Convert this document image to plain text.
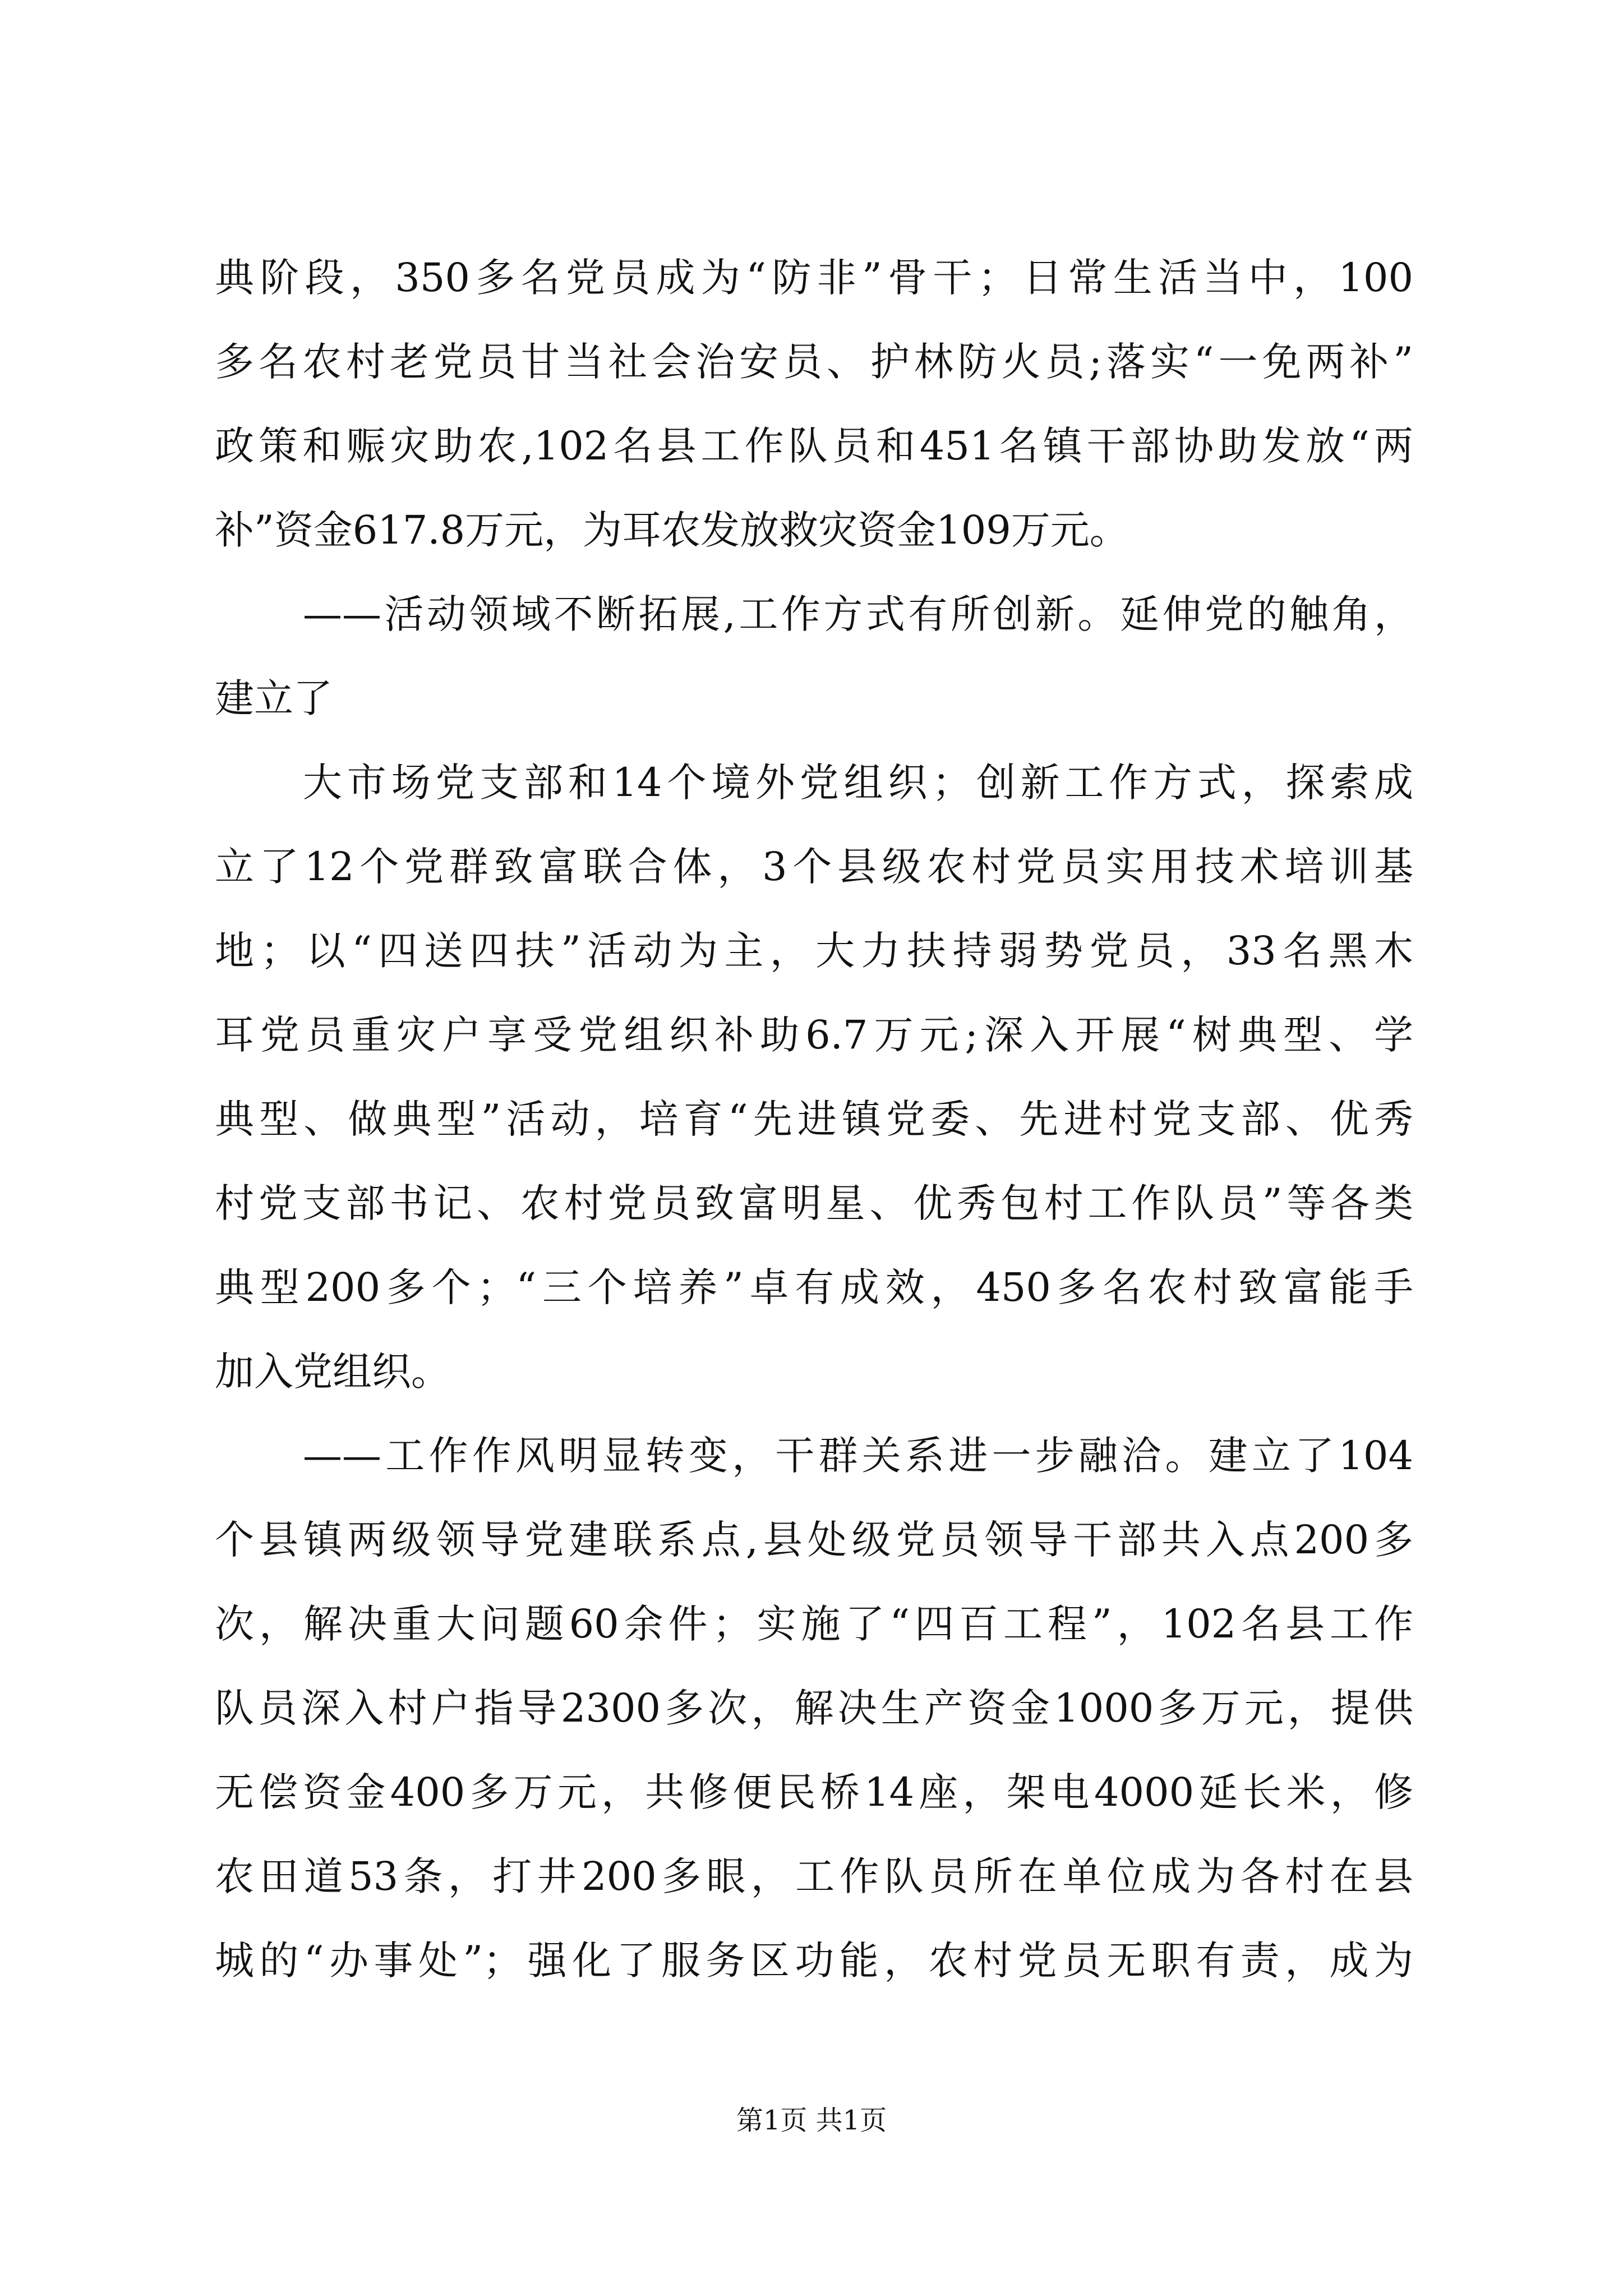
典阶段，350多名党员成为“防非”骨干；日常生活当中，100
多名农村老党员甘当社会治安员、护林防火员;落实“一免两补”
政策和赈灾助农,102名县工作队员和451名镇干部协助发放“两
补”资金617.8万元，为耳农发放救灾资金109万元。
——活动领域不断拓展,工作方式有所创新。延伸党的触角，
建立了
大市场党支部和14个境外党组织；创新工作方式，探索成
立了12个党群致富联合体，3个县级农村党员实用技术培训基
地；以“四送四扶”活动为主，大力扶持弱势党员，33名黑木
耳党员重灾户享受党组织补助6.7万元;深入开展“树典型、学
典型、做典型”活动，培育“先进镇党委、先进村党支部、优秀
村党支部书记、农村党员致富明星、优秀包村工作队员”等各类
典型200多个；“三个培养”卓有成效，450多名农村致富能手
加入党组织。
——工作作风明显转变，干群关系进一步融洽。建立了104
个县镇两级领导党建联系点,县处级党员领导干部共入点200多
次，解决重大问题60余件；实施了“四百工程”，102名县工作
队员深入村户指导2300多次，解决生产资金1000多万元，提供
无偿资金400多万元，共修便民桥14座，架电4000延长米，修
农田道53条，打井200多眼，工作队员所在单位成为各村在县
城的“办事处”；强化了服务区功能，农村党员无职有责，成为
第1页 共1页
